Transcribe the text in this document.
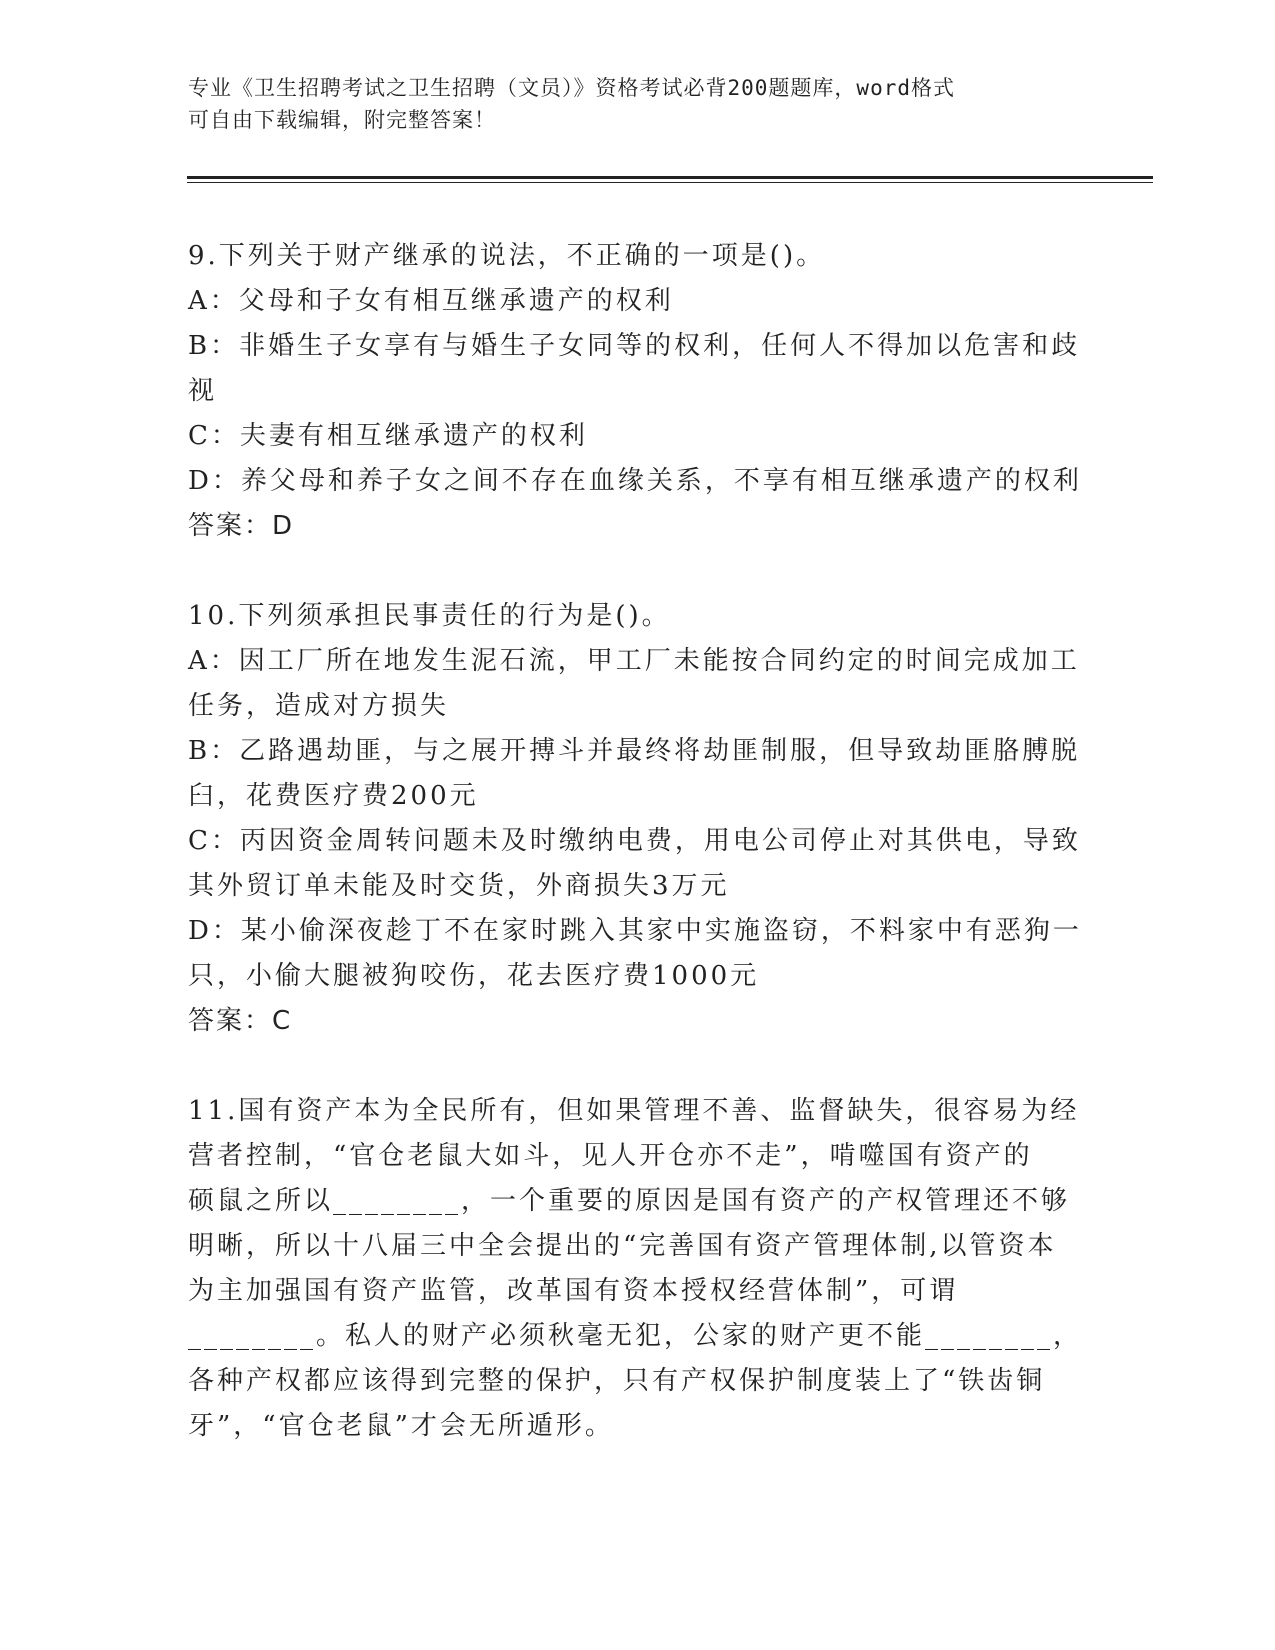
专业《卫生招聘考试之卫生招聘（文员）》资格考试必背200题题库，word格式
可自由下载编辑，附完整答案！
9.下列关于财产继承的说法，不正确的一项是()。
A：父母和子女有相互继承遗产的权利
B：非婚生子女享有与婚生子女同等的权利，任何人不得加以危害和歧
视
C：夫妻有相互继承遗产的权利
D：养父母和养子女之间不存在血缘关系，不享有相互继承遗产的权利
答案：D
10.下列须承担民事责任的行为是()。
A：因工厂所在地发生泥石流，甲工厂未能按合同约定的时间完成加工
任务，造成对方损失
B：乙路遇劫匪，与之展开搏斗并最终将劫匪制服，但导致劫匪胳膊脱
臼，花费医疗费200元
C：丙因资金周转问题未及时缴纳电费，用电公司停止对其供电，导致
其外贸订单未能及时交货，外商损失3万元
D：某小偷深夜趁丁不在家时跳入其家中实施盗窃，不料家中有恶狗一
只，小偷大腿被狗咬伤，花去医疗费1000元
答案：C
11.国有资产本为全民所有，但如果管理不善、监督缺失，很容易为经
营者控制，“官仓老鼠大如斗，见人开仓亦不走”，啃噬国有资产的
硕鼠之所以________，一个重要的原因是国有资产的产权管理还不够
明晰，所以十八届三中全会提出的“完善国有资产管理体制,以管资本
为主加强国有资产监管，改革国有资本授权经营体制”，可谓
________。私人的财产必须秋毫无犯，公家的财产更不能________，
各种产权都应该得到完整的保护，只有产权保护制度装上了“铁齿铜
牙”，“官仓老鼠”才会无所遁形。
